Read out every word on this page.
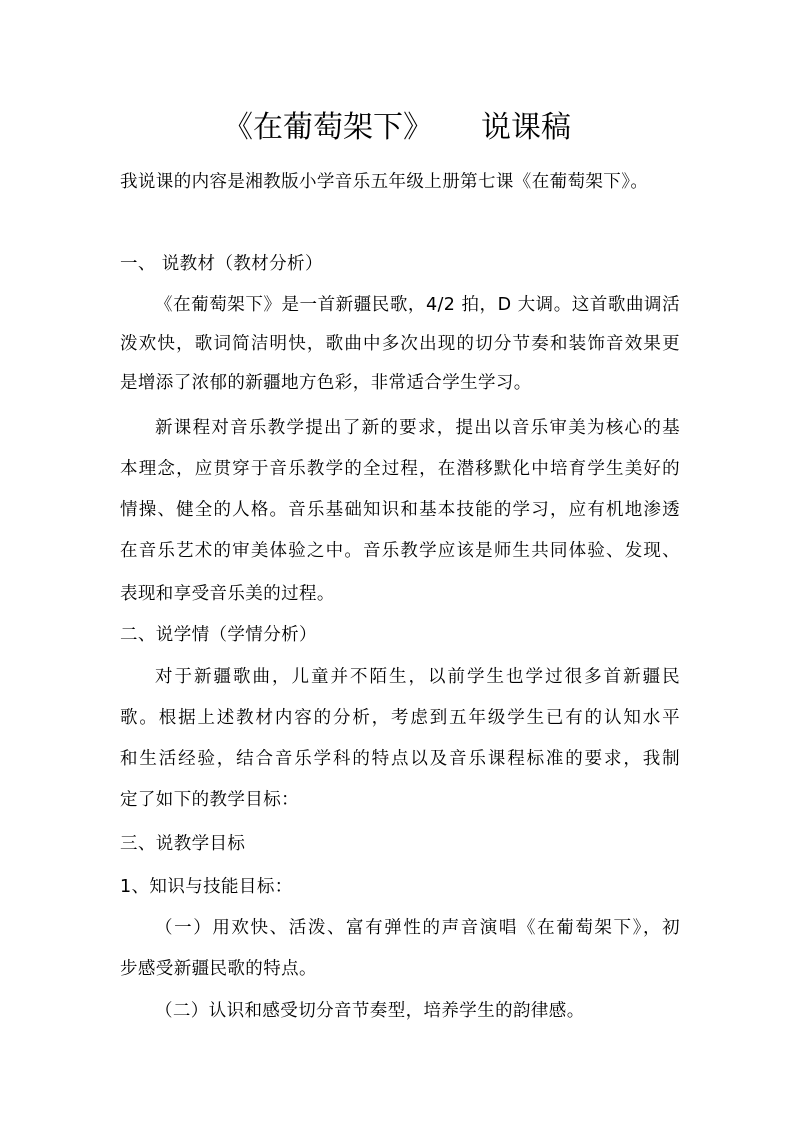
《在葡萄架下》 说课稿
我说课的内容是湘教版小学音乐五年级上册第七课《在葡萄架下》。
一、 说教材（教材分析）
《在葡萄架下》是一首新疆民歌，4/2 拍，D 大调。这首歌曲调活
泼欢快，歌词简洁明快，歌曲中多次出现的切分节奏和装饰音效果更
是增添了浓郁的新疆地方色彩，非常适合学生学习。
新课程对音乐教学提出了新的要求，提出以音乐审美为核心的基
本理念，应贯穿于音乐教学的全过程，在潜移默化中培育学生美好的
情操、健全的人格。音乐基础知识和基本技能的学习，应有机地渗透
在音乐艺术的审美体验之中。音乐教学应该是师生共同体验、发现、
表现和享受音乐美的过程。
二、说学情（学情分析）
对于新疆歌曲，儿童并不陌生，以前学生也学过很多首新疆民
歌。根据上述教材内容的分析，考虑到五年级学生已有的认知水平
和生活经验，结合音乐学科的特点以及音乐课程标准的要求，我制
定了如下的教学目标：
三、说教学目标
1、知识与技能目标：
（一）用欢快、活泼、富有弹性的声音演唱《在葡萄架下》，初
步感受新疆民歌的特点。
（二）认识和感受切分音节奏型，培养学生的韵律感。
